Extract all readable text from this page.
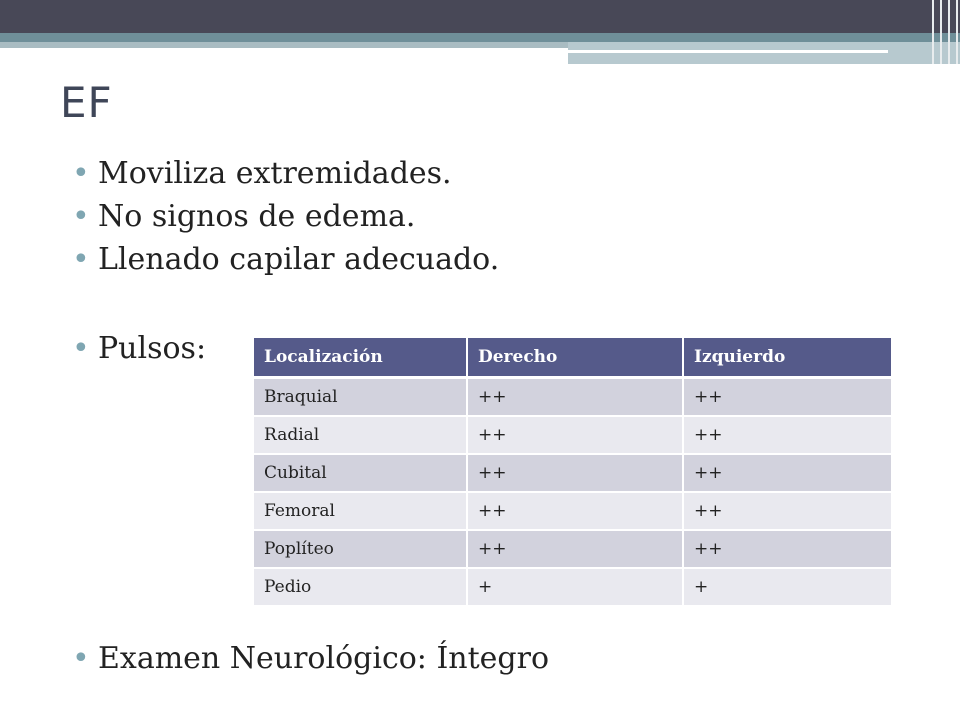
EF
• Moviliza extremidades.
• No signos de edema.
• Llenado capilar adecuado.
• Pulsos:	Localización	Derecho	Izquierdo
Braquial	++	++
Radial	++	++
Cubital	++	++
Femoral	++	++
Poplíteo	++	++
Pedio	+	+
• Examen Neurológico: Íntegro
